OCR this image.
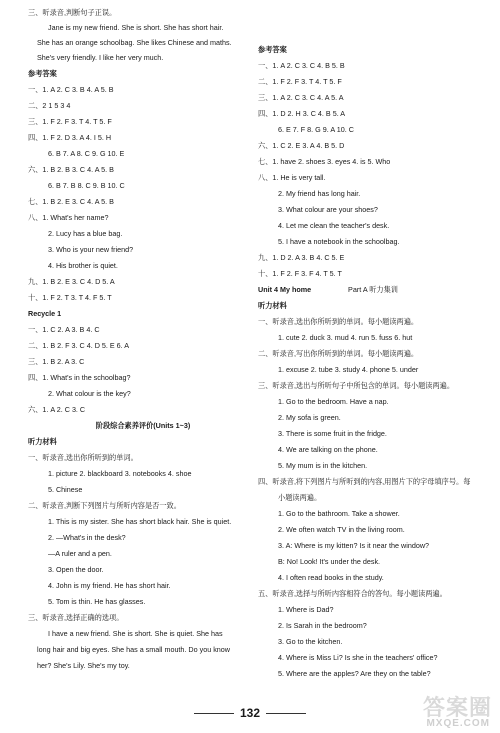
三、听录音,判断句子正误。
Jane is my new friend. She is short. She has short hair.
She has an orange schoolbag. She likes Chinese and maths.
She's very friendly. I like her very much.
参考答案
一、1. A 2. C 3. B 4. A 5. B
二、2 1 5 3 4
三、1. F 2. F 3. T 4. T 5. F
四、1. F 2. D 3. A 4. I 5. H
6. B 7. A 8. C 9. G 10. E
六、1. B 2. B 3. C 4. A 5. B
6. B 7. B 8. C 9. B 10. C
七、1. B 2. E 3. C 4. A 5. B
八、1. What's her name?
2. Lucy has a blue bag.
3. Who is your new friend?
4. His brother is quiet.
九、1. B 2. E 3. C 4. D 5. A
十、1. F 2. T 3. T 4. F 5. T
Recycle 1
一、1. C 2. A 3. B 4. C
二、1. B 2. F 3. C 4. D 5. E 6. A
三、1. B 2. A 3. C
四、1. What's in the schoolbag?
2. What colour is the key?
六、1. A 2. C 3. C
阶段综合素养评价(Units 1~3)
听力材料
一、听录音,选出你所听到的单词。
1. picture 2. blackboard 3. notebooks 4. shoe
5. Chinese
二、听录音,判断下列图片与所听内容是否一致。
1. This is my sister. She has short black hair. She is quiet.
2. —What's in the desk?
—A ruler and a pen.
3. Open the door.
4. John is my friend. He has short hair.
5. Tom is thin. He has glasses.
三、听录音,选择正确的选项。
I have a new friend. She is short. She is quiet. She has
long hair and big eyes. She has a small mouth. Do you know
her? She's Lily. She's my toy.
参考答案
一、1. A 2. C 3. C 4. B 5. B
二、1. F 2. F 3. T 4. T 5. F
三、1. A 2. C 3. C 4. A 5. A
四、1. D 2. H 3. C 4. B 5. A
6. E 7. F 8. G 9. A 10. C
六、1. C 2. E 3. A 4. B 5. D
七、1. have 2. shoes 3. eyes 4. is 5. Who
八、1. He is very tall.
2. My friend has long hair.
3. What colour are your shoes?
4. Let me clean the teacher's desk.
5. I have a notebook in the schoolbag.
九、1. D 2. A 3. B 4. C 5. E
十、1. F 2. F 3. F 4. T 5. T
Unit 4 My home	Part A 听力集训
听力材料
一、听录音,选出你所听到的单词。每小题读两遍。
1. cute 2. duck 3. mud 4. run 5. fuss 6. hut
二、听录音,写出你所听到的单词。每小题读两遍。
1. excuse 2. tube 3. study 4. phone 5. under
三、听录音,选出与所听句子中所包含的单词。每小题读两遍。
1. Go to the bedroom. Have a nap.
2. My sofa is green.
3. There is some fruit in the fridge.
4. We are talking on the phone.
5. My mum is in the kitchen.
四、听录音,将下列图片与所听到的内容,用图片下的字母填序号。每
小题读两遍。
1. Go to the bathroom. Take a shower.
2. We often watch TV in the living room.
3. A: Where is my kitten? Is it near the window?
B: No! Look! It's under the desk.
4. I often read books in the study.
五、听录音,选择与所听内容相符合的答句。每小题读两遍。
1. Where is Dad?
2. Is Sarah in the bedroom?
3. Go to the kitchen.
4. Where is Miss Li? Is she in the teachers' office?
5. Where are the apples? Are they on the table?
132	答案圈
MXQE.COM
